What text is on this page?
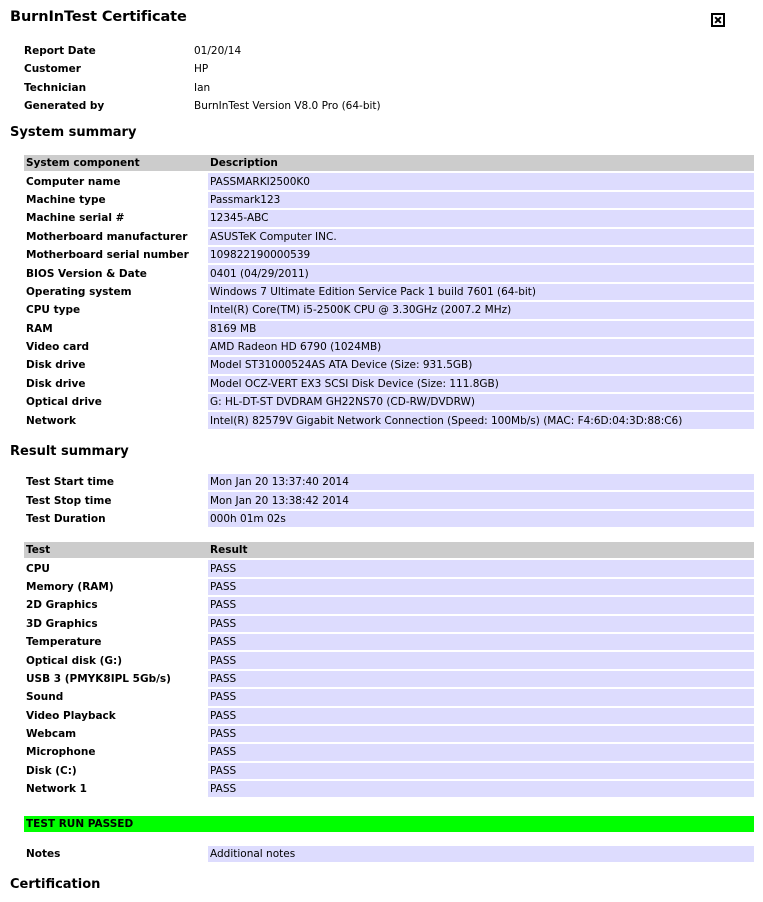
BurnInTest Certificate
Report Date	01/20/14
Customer	HP
Technician	Ian
Generated by	BurnInTest Version V8.0 Pro (64-bit)
System summary
System component	Description
Computer name	PASSMARKI2500K0
Machine type	Passmark123
Machine serial #	12345-ABC
Motherboard manufacturer	ASUSTeK Computer INC.
Motherboard serial number	109822190000539
BIOS Version & Date	0401 (04/29/2011)
Operating system	Windows 7 Ultimate Edition Service Pack 1 build 7601 (64-bit)
CPU type	Intel(R) Core(TM) i5-2500K CPU @ 3.30GHz (2007.2 MHz)
RAM	8169 MB
Video card	AMD Radeon HD 6790 (1024MB)
Disk drive	Model ST31000524AS ATA Device (Size: 931.5GB)
Disk drive	Model OCZ-VERT EX3 SCSI Disk Device (Size: 111.8GB)
Optical drive	G: HL-DT-ST DVDRAM GH22NS70 (CD-RW/DVDRW)
Network	Intel(R) 82579V Gigabit Network Connection (Speed: 100Mb/s) (MAC: F4:6D:04:3D:88:C6)
Result summary
Test Start time	Mon Jan 20 13:37:40 2014
Test Stop time	Mon Jan 20 13:38:42 2014
Test Duration	000h 01m 02s
Test	Result
CPU	PASS
Memory (RAM)	PASS
2D Graphics	PASS
3D Graphics	PASS
Temperature	PASS
Optical disk (G:)	PASS
USB 3 (PMYK8IPL 5Gb/s)	PASS
Sound	PASS
Video Playback	PASS
Webcam	PASS
Microphone	PASS
Disk (C:)	PASS
Network 1	PASS
TEST RUN PASSED
Notes	Additional notes
Certification
